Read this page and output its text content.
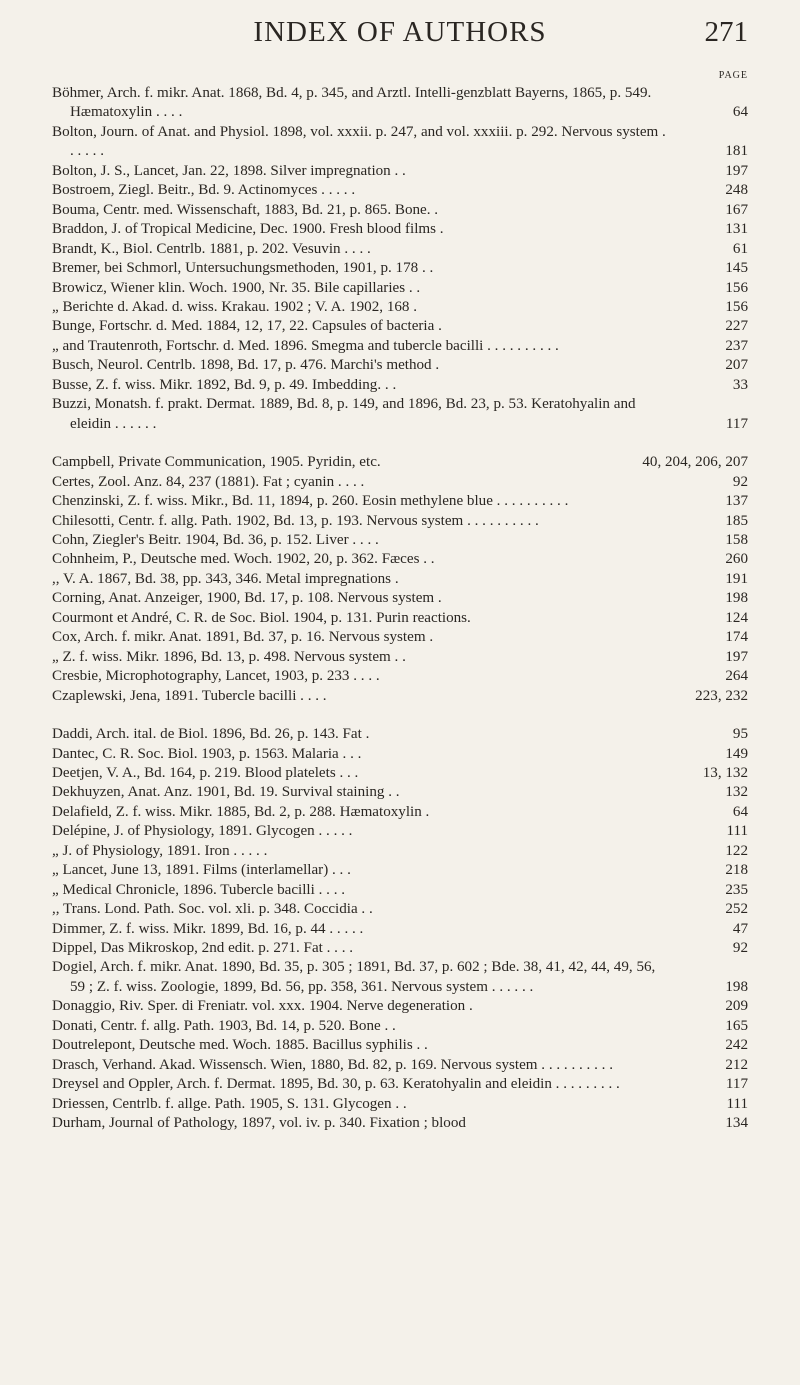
INDEX OF AUTHORS	271
PAGE
Böhmer, Arch. f. mikr. Anat. 1868, Bd. 4, p. 345, and Arztl. Intelli-genzblatt Bayerns, 1865, p. 549. Hæmatoxylin . . . .	64
Bolton, Journ. of Anat. and Physiol. 1898, vol. xxxii. p. 247, and vol. xxxiii. p. 292. Nervous system . . . . . .	181
Bolton, J. S., Lancet, Jan. 22, 1898. Silver impregnation . .	197
Bostroem, Ziegl. Beitr., Bd. 9. Actinomyces . . . . .	248
Bouma, Centr. med. Wissenschaft, 1883, Bd. 21, p. 865. Bone. .	167
Braddon, J. of Tropical Medicine, Dec. 1900. Fresh blood films .	131
Brandt, K., Biol. Centrlb. 1881, p. 202. Vesuvin . . . .	61
Bremer, bei Schmorl, Untersuchungsmethoden, 1901, p. 178 . .	145
Browicz, Wiener klin. Woch. 1900, Nr. 35. Bile capillaries . .	156
„ Berichte d. Akad. d. wiss. Krakau. 1902 ; V. A. 1902, 168 .	156
Bunge, Fortschr. d. Med. 1884, 12, 17, 22. Capsules of bacteria .	227
„ and Trautenroth, Fortschr. d. Med. 1896. Smegma and tubercle bacilli . . . . . . . . . .	237
Busch, Neurol. Centrlb. 1898, Bd. 17, p. 476. Marchi's method .	207
Busse, Z. f. wiss. Mikr. 1892, Bd. 9, p. 49. Imbedding. . .	33
Buzzi, Monatsh. f. prakt. Dermat. 1889, Bd. 8, p. 149, and 1896, Bd. 23, p. 53. Keratohyalin and eleidin . . . . . .	117
Campbell, Private Communication, 1905. Pyridin, etc.	40, 204, 206, 207
Certes, Zool. Anz. 84, 237 (1881). Fat ; cyanin . . . .	92
Chenzinski, Z. f. wiss. Mikr., Bd. 11, 1894, p. 260. Eosin methylene blue . . . . . . . . . .	137
Chilesotti, Centr. f. allg. Path. 1902, Bd. 13, p. 193. Nervous system . . . . . . . . . .	185
Cohn, Ziegler's Beitr. 1904, Bd. 36, p. 152. Liver . . . .	158
Cohnheim, P., Deutsche med. Woch. 1902, 20, p. 362. Fæces . .	260
,, V. A. 1867, Bd. 38, pp. 343, 346. Metal impregnations .	191
Corning, Anat. Anzeiger, 1900, Bd. 17, p. 108. Nervous system .	198
Courmont et André, C. R. de Soc. Biol. 1904, p. 131. Purin reactions.	124
Cox, Arch. f. mikr. Anat. 1891, Bd. 37, p. 16. Nervous system .	174
„ Z. f. wiss. Mikr. 1896, Bd. 13, p. 498. Nervous system . .	197
Cresbie, Microphotography, Lancet, 1903, p. 233 . . . .	264
Czaplewski, Jena, 1891. Tubercle bacilli . . . .	223, 232
Daddi, Arch. ital. de Biol. 1896, Bd. 26, p. 143. Fat .	95
Dantec, C. R. Soc. Biol. 1903, p. 1563. Malaria . . .	149
Deetjen, V. A., Bd. 164, p. 219. Blood platelets . . .	13, 132
Dekhuyzen, Anat. Anz. 1901, Bd. 19. Survival staining . .	132
Delafield, Z. f. wiss. Mikr. 1885, Bd. 2, p. 288. Hæmatoxylin .	64
Delépine, J. of Physiology, 1891. Glycogen . . . . .	111
„ J. of Physiology, 1891. Iron . . . . .	122
„ Lancet, June 13, 1891. Films (interlamellar) . . .	218
„ Medical Chronicle, 1896. Tubercle bacilli . . . .	235
,, Trans. Lond. Path. Soc. vol. xli. p. 348. Coccidia . .	252
Dimmer, Z. f. wiss. Mikr. 1899, Bd. 16, p. 44 . . . . .	47
Dippel, Das Mikroskop, 2nd edit. p. 271. Fat . . . .	92
Dogiel, Arch. f. mikr. Anat. 1890, Bd. 35, p. 305 ; 1891, Bd. 37, p. 602 ; Bde. 38, 41, 42, 44, 49, 56, 59 ; Z. f. wiss. Zoologie, 1899, Bd. 56, pp. 358, 361. Nervous system . . . . . .	198
Donaggio, Riv. Sper. di Freniatr. vol. xxx. 1904. Nerve degeneration .	209
Donati, Centr. f. allg. Path. 1903, Bd. 14, p. 520. Bone . .	165
Doutrelepont, Deutsche med. Woch. 1885. Bacillus syphilis . .	242
Drasch, Verhand. Akad. Wissensch. Wien, 1880, Bd. 82, p. 169. Nervous system . . . . . . . . . .	212
Dreysel and Oppler, Arch. f. Dermat. 1895, Bd. 30, p. 63. Keratohyalin and eleidin . . . . . . . . .	117
Driessen, Centrlb. f. allge. Path. 1905, S. 131. Glycogen . .	111
Durham, Journal of Pathology, 1897, vol. iv. p. 340. Fixation ; blood	134
